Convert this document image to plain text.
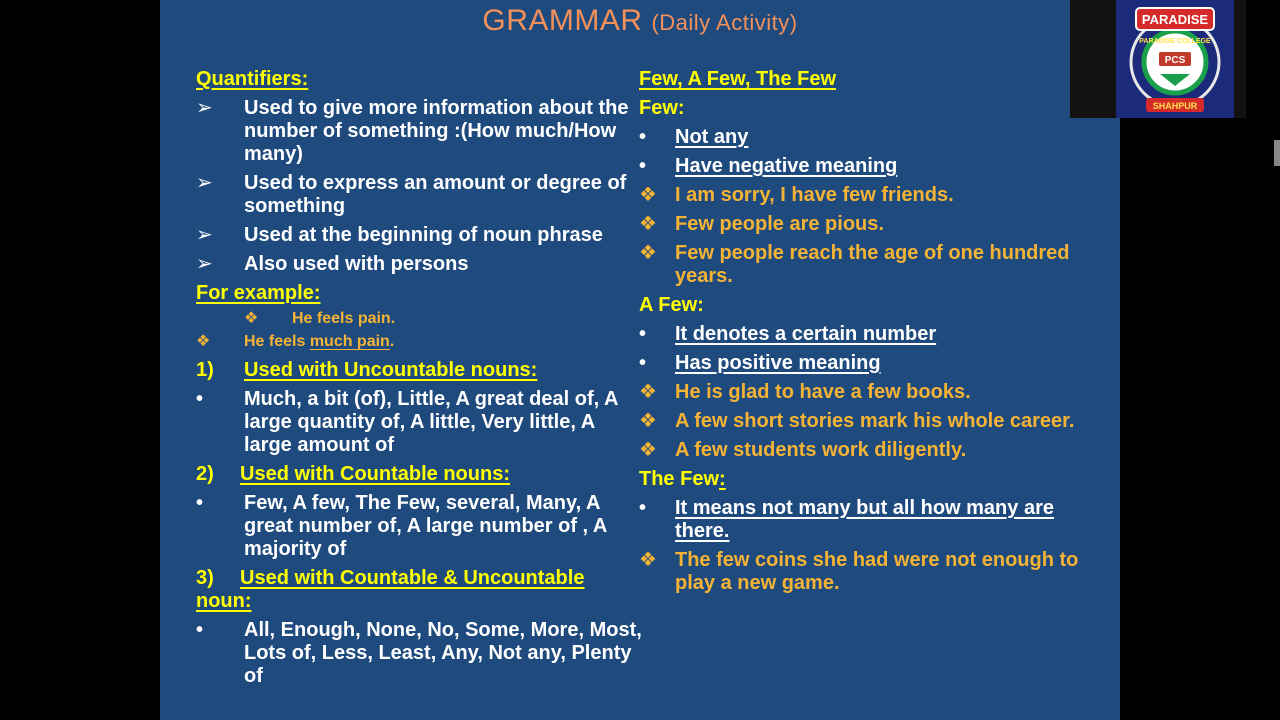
GRAMMAR (Daily Activity)
Quantifiers:
➢	Used to give more information about the number of something :(How much/How many)
➢	Used to express an amount or degree of something
➢	Used at the beginning of noun phrase
➢	Also used with persons
For example:
❖	He feels pain.
❖	He feels much pain.
1)	Used with Uncountable nouns:
•	Much, a bit (of), Little, A great deal of, A large quantity of, A little, Very little, A large amount of
2)	Used with Countable nouns:
•	Few, A few, The Few, several, Many, A great number of, A large number of , A majority of
3) Used with Countable & Uncountable noun:
•	All, Enough, None, No, Some, More, Most, Lots of, Less, Least, Any, Not any, Plenty of
Few, A Few, The Few
Few:
•	Not any
•	Have negative meaning
❖ I am sorry, I have few friends.
❖ Few people are pious.
❖ Few people reach the age of one hundred years.
A Few:
•	It denotes a certain number
•	Has positive meaning
❖ He is glad to have a few books.
❖ A few short stories mark his whole career.
❖ A few students work diligently.
The Few:
•	It means not many but all how many are there.
❖ The few coins she had were not enough to play a new game.
PARADISE
PARADISE COLLEGE
PCS
SHAHPUR
